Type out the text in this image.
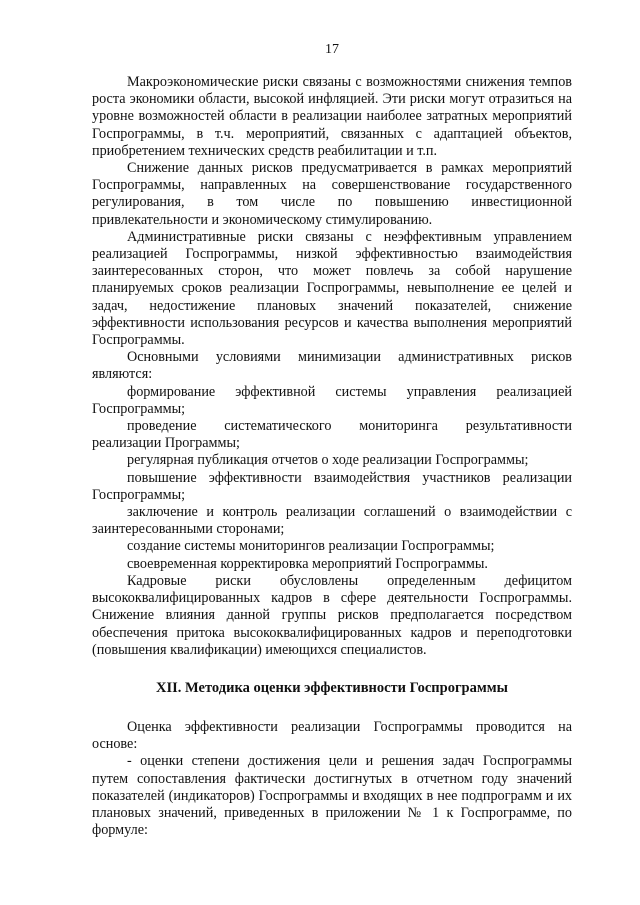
17

Макроэкономические риски связаны с возможностями снижения темпов роста экономики области, высокой инфляцией. Эти риски могут отразиться на уровне возможностей области в реализации наиболее затратных мероприятий Госпрограммы, в т.ч. мероприятий, связанных с адаптацией объектов, приобретением технических средств реабилитации и т.п.

Снижение данных рисков предусматривается в рамках мероприятий Госпрограммы, направленных на совершенствование государственного регулирования, в том числе по повышению инвестиционной привлекательности и экономическому стимулированию.

Административные риски связаны с неэффективным управлением реализацией Госпрограммы, низкой эффективностью взаимодействия заинтересованных сторон, что может повлечь за собой нарушение планируемых сроков реализации Госпрограммы, невыполнение ее целей и задач, недостижение плановых значений показателей, снижение эффективности использования ресурсов и качества выполнения мероприятий Госпрограммы.

Основными условиями минимизации административных рисков являются:

формирование эффективной системы управления реализацией Госпрограммы;

проведение систематического мониторинга результативности реализации Программы;

регулярная публикация отчетов о ходе реализации Госпрограммы;

повышение эффективности взаимодействия участников реализации Госпрограммы;

заключение и контроль реализации соглашений о взаимодействии с заинтересованными сторонами;

создание системы мониторингов реализации Госпрограммы;

своевременная корректировка мероприятий Госпрограммы.

Кадровые риски обусловлены определенным дефицитом высококвалифицированных кадров в сфере деятельности Госпрограммы. Снижение влияния данной группы рисков предполагается посредством обеспечения притока высококвалифицированных кадров и переподготовки (повышения квалификации) имеющихся специалистов.

XII. Методика оценки эффективности Госпрограммы

Оценка эффективности реализации Госпрограммы проводится на основе:

- оценки степени достижения цели и решения задач Госпрограммы путем сопоставления фактически достигнутых в отчетном году значений показателей (индикаторов) Госпрограммы и входящих в нее подпрограмм и их плановых значений, приведенных в приложении № 1 к Госпрограмме, по формуле:
